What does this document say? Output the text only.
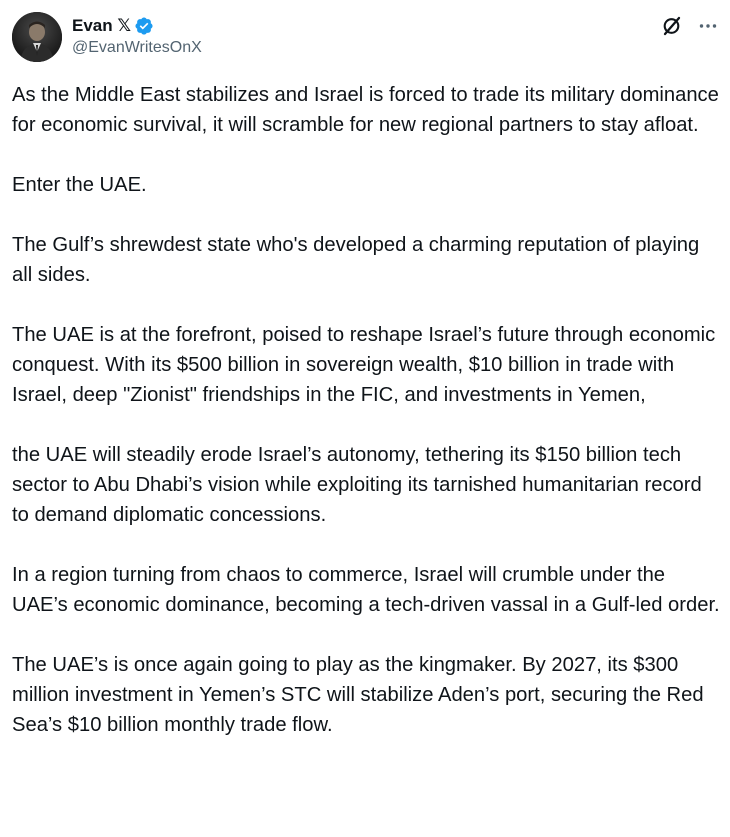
Evan 𝕏
@EvanWritesOnX

As the Middle East stabilizes and Israel is forced to trade its military dominance for economic survival, it will scramble for new regional partners to stay afloat.

Enter the UAE.

The Gulf’s shrewdest state who's developed a charming reputation of playing all sides.

The UAE is at the forefront, poised to reshape Israel’s future through economic conquest. With its $500 billion in sovereign wealth, $10 billion in trade with Israel, deep "Zionist" friendships in the FIC, and investments in Yemen,

the UAE will steadily erode Israel’s autonomy, tethering its $150 billion tech sector to Abu Dhabi’s vision while exploiting its tarnished humanitarian record to demand diplomatic concessions.

In a region turning from chaos to commerce, Israel will crumble under the UAE’s economic dominance, becoming a tech-driven vassal in a Gulf-led order.

The UAE’s is once again going to play as the kingmaker. By 2027, its $300 million investment in Yemen’s STC will stabilize Aden’s port, securing the Red Sea’s $10 billion monthly trade flow.
